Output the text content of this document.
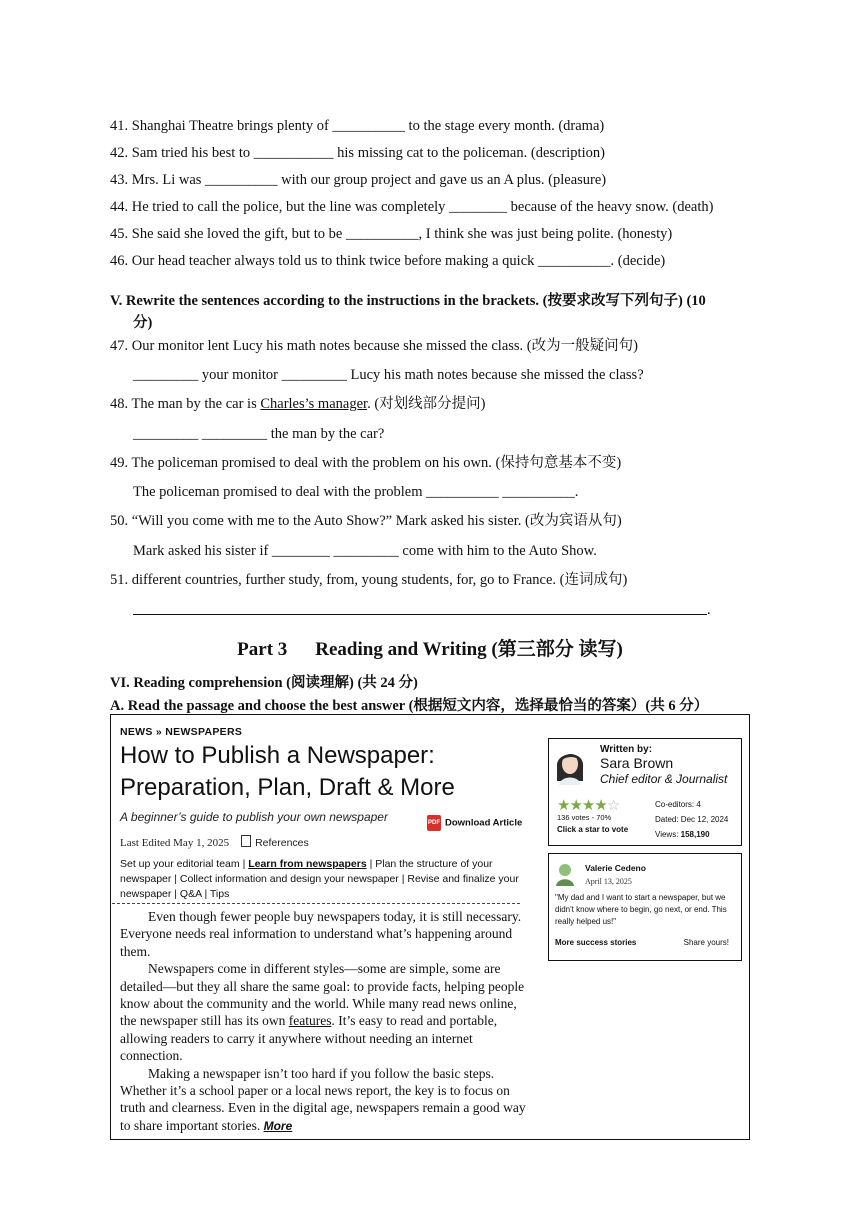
41. Shanghai Theatre brings plenty of __________ to the stage every month. (drama)
42. Sam tried his best to ___________ his missing cat to the policeman. (description)
43. Mrs. Li was __________ with our group project and gave us an A plus. (pleasure)
44. He tried to call the police, but the line was completely ________ because of the heavy snow. (death)
45. She said she loved the gift, but to be __________, I think she was just being polite. (honesty)
46. Our head teacher always told us to think twice before making a quick __________. (decide)
V. Rewrite the sentences according to the instructions in the brackets. (按要求改写下列句子) (10
分)
47. Our monitor lent Lucy his math notes because she missed the class. (改为一般疑问句)
_________ your monitor _________ Lucy his math notes because she missed the class?
48. The man by the car is Charles’s manager. (对划线部分提问)
_________ _________ the man by the car?
49. The policeman promised to deal with the problem on his own. (保持句意基本不变)
The policeman promised to deal with the problem __________ __________.
50. “Will you come with me to the Auto Show?” Mark asked his sister. (改为宾语从句)
Mark asked his sister if ________ _________ come with him to the Auto Show.
51. different countries, further study, from, young students, for, go to France. (连词成句)
.
Part 3 Reading and Writing (第三部分 读写)
VI. Reading comprehension (阅读理解) (共 24 分)
A. Read the passage and choose the best answer (根据短文内容，选择最恰当的答案）(共 6 分）
NEWS » NEWSPAPERS
How to Publish a Newspaper:
Preparation, Plan, Draft & More
A beginner’s guide to publish your own newspaper	PDF Download Article
Last Edited May 1, 2025 References
Set up your editorial team | Learn from newspapers | Plan the structure of your newspaper | Collect information and design your newspaper | Revise and finalize your newspaper | Q&A | Tips

Even though fewer people buy newspapers today, it is still necessary. Everyone needs real information to understand what’s happening around them.

Newspapers come in different styles—some are simple, some are detailed—but they all share the same goal: to provide facts, helping people know about the community and the world. While many read news online, the newspaper still has its own features. It’s easy to read and portable, allowing readers to carry it anywhere without needing an internet connection.

Making a newspaper isn’t too hard if you follow the basic steps. Whether it’s a school paper or a local news report, the key is to focus on truth and clearness. Even in the digital age, newspapers remain a good way to share important stories. More

Written by:
Sara Brown
Chief editor & Journalist
★★★★☆
136 votes - 70%
Click a star to vote
Co-editors: 4
Dated: Dec 12, 2024
Views: 158,190
Valerie Cedeno
April 13, 2025
"My dad and I want to start a newspaper, but we didn't know where to begin, go next, or end. This really helped us!"
More success stories	Share yours!
